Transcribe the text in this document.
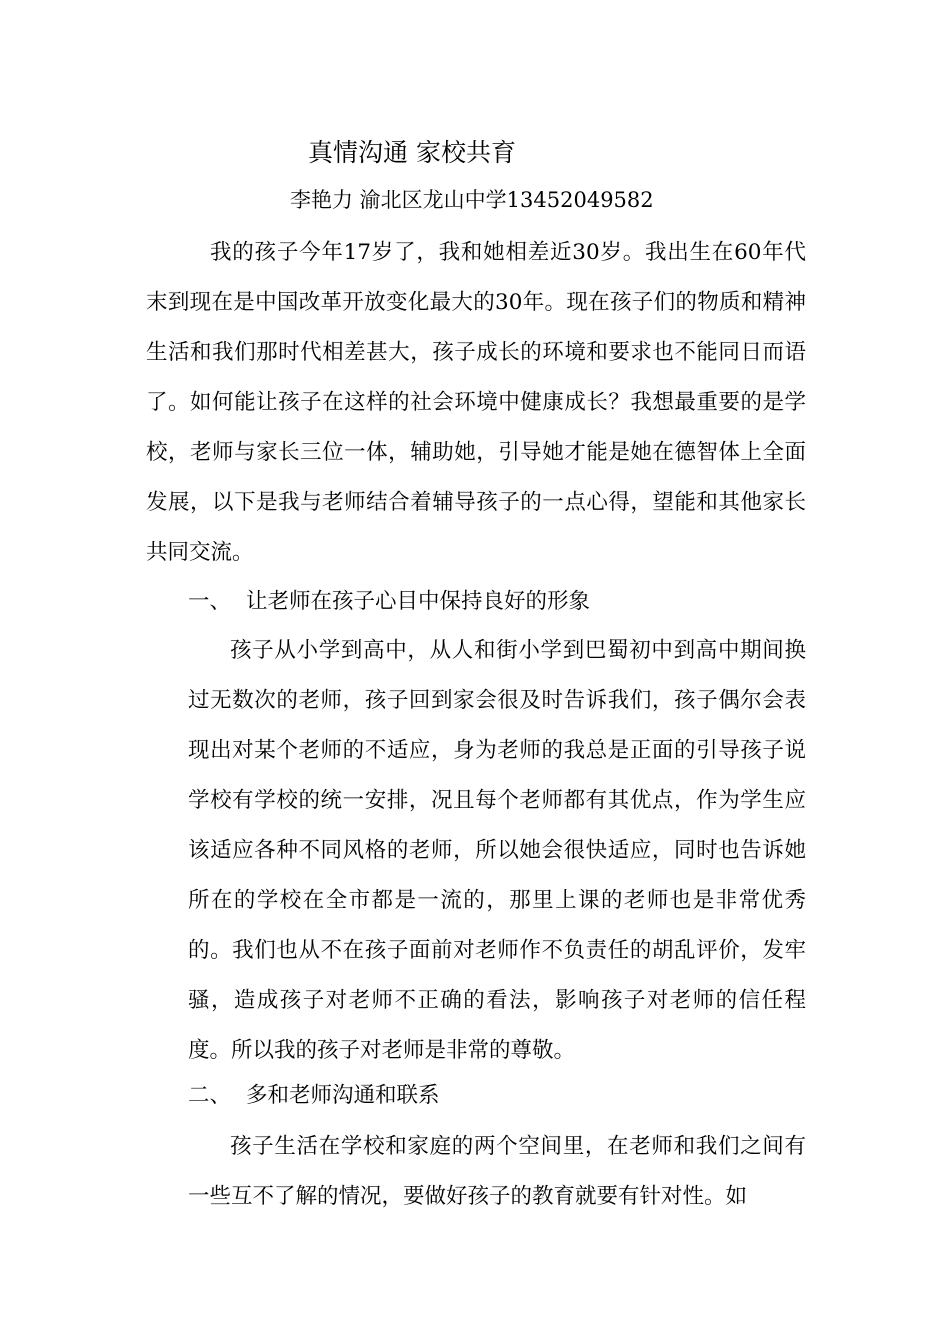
真情沟通 家校共育
李艳力 渝北区龙山中学13452049582

我的孩子今年17岁了，我和她相差近30岁。我出生在60年代末到现在是中国改革开放变化最大的30年。现在孩子们的物质和精神生活和我们那时代相差甚大，孩子成长的环境和要求也不能同日而语了。如何能让孩子在这样的社会环境中健康成长？我想最重要的是学校，老师与家长三位一体，辅助她，引导她才能是她在德智体上全面发展，以下是我与老师结合着辅导孩子的一点心得，望能和其他家长共同交流。

一、 让老师在孩子心目中保持良好的形象

孩子从小学到高中，从人和街小学到巴蜀初中到高中期间换过无数次的老师，孩子回到家会很及时告诉我们，孩子偶尔会表现出对某个老师的不适应，身为老师的我总是正面的引导孩子说学校有学校的统一安排，况且每个老师都有其优点，作为学生应该适应各种不同风格的老师，所以她会很快适应，同时也告诉她所在的学校在全市都是一流的，那里上课的老师也是非常优秀的。我们也从不在孩子面前对老师作不负责任的胡乱评价，发牢骚，造成孩子对老师不正确的看法，影响孩子对老师的信任程度。所以我的孩子对老师是非常的尊敬。

二、 多和老师沟通和联系

孩子生活在学校和家庭的两个空间里，在老师和我们之间有一些互不了解的情况，要做好孩子的教育就要有针对性。如
